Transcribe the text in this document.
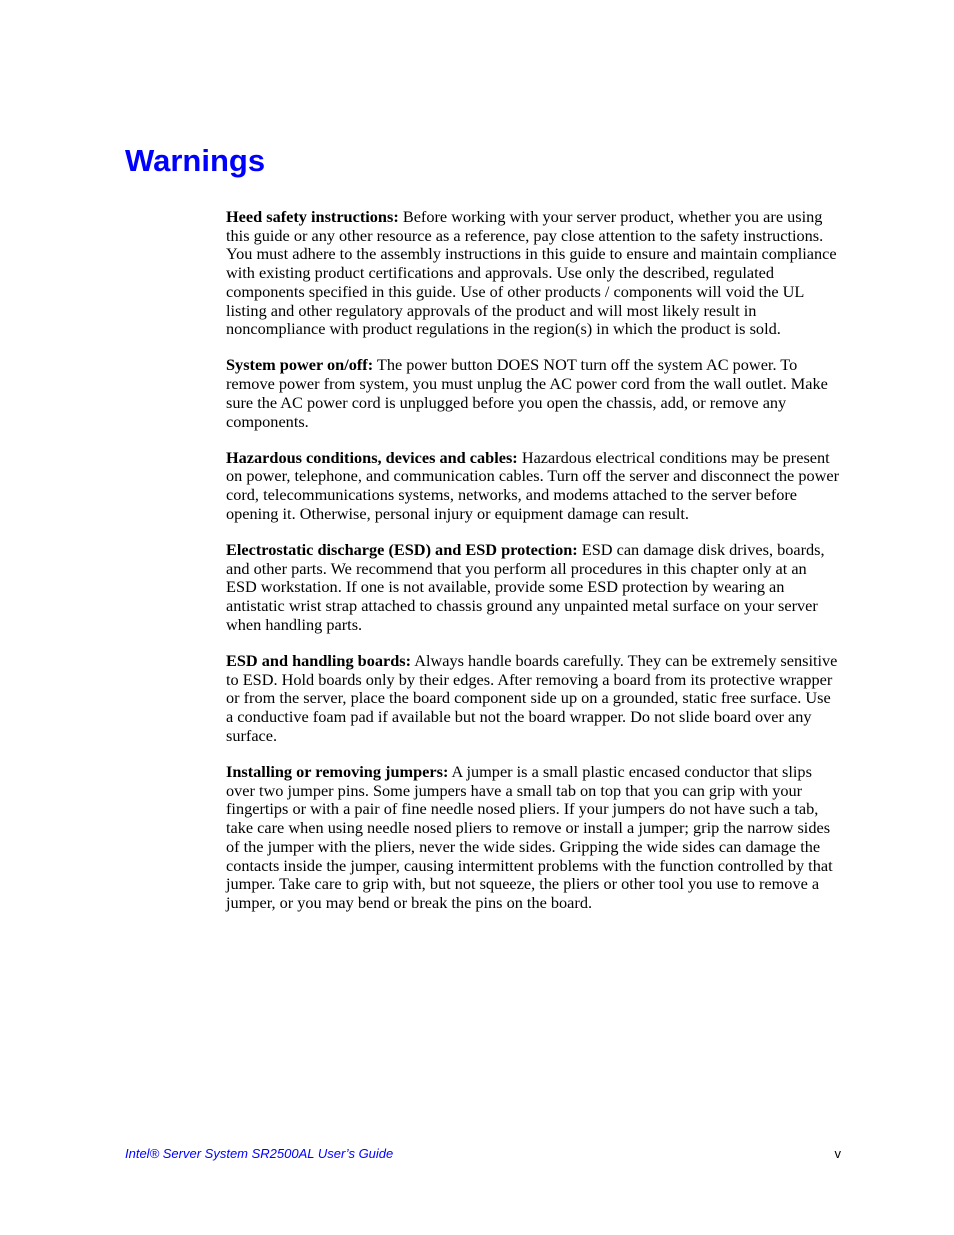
Warnings

Heed safety instructions: Before working with your server product, whether you are using this guide or any other resource as a reference, pay close attention to the safety instructions. You must adhere to the assembly instructions in this guide to ensure and maintain compliance with existing product certifications and approvals. Use only the described, regulated components specified in this guide. Use of other products / components will void the UL listing and other regulatory approvals of the product and will most likely result in noncompliance with product regulations in the region(s) in which the product is sold.

System power on/off: The power button DOES NOT turn off the system AC power. To remove power from system, you must unplug the AC power cord from the wall outlet. Make sure the AC power cord is unplugged before you open the chassis, add, or remove any components.

Hazardous conditions, devices and cables: Hazardous electrical conditions may be present on power, telephone, and communication cables. Turn off the server and disconnect the power cord, telecommunications systems, networks, and modems attached to the server before opening it. Otherwise, personal injury or equipment damage can result.

Electrostatic discharge (ESD) and ESD protection: ESD can damage disk drives, boards, and other parts. We recommend that you perform all procedures in this chapter only at an ESD workstation. If one is not available, provide some ESD protection by wearing an antistatic wrist strap attached to chassis ground any unpainted metal surface on your server when handling parts.

ESD and handling boards: Always handle boards carefully. They can be extremely sensitive to ESD. Hold boards only by their edges. After removing a board from its protective wrapper or from the server, place the board component side up on a grounded, static free surface. Use a conductive foam pad if available but not the board wrapper. Do not slide board over any surface.

Installing or removing jumpers: A jumper is a small plastic encased conductor that slips over two jumper pins. Some jumpers have a small tab on top that you can grip with your fingertips or with a pair of fine needle nosed pliers. If your jumpers do not have such a tab, take care when using needle nosed pliers to remove or install a jumper; grip the narrow sides of the jumper with the pliers, never the wide sides. Gripping the wide sides can damage the contacts inside the jumper, causing intermittent problems with the function controlled by that jumper. Take care to grip with, but not squeeze, the pliers or other tool you use to remove a jumper, or you may bend or break the pins on the board.

Intel® Server System SR2500AL User’s Guide	v
